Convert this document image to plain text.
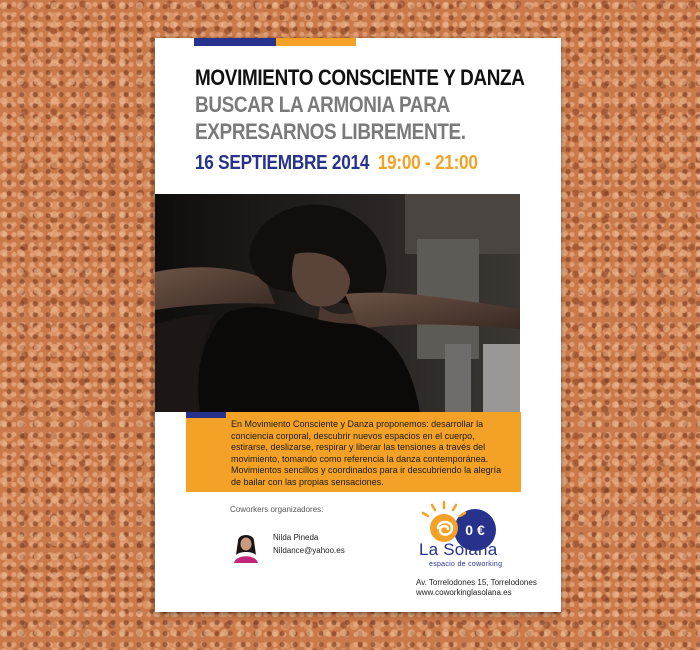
MOVIMIENTO CONSCIENTE Y DANZA
BUSCAR LA ARMONIA PARA
EXPRESARNOS LIBREMENTE.
16 SEPTIEMBRE 2014 19:00 - 21:00
0 €
En Movimiento Consciente y Danza proponemos: desarrollar la conciencia corporal, descubrir nuevos espacios en el cuerpo, estirarse, deslizarse, respirar y liberar las tensiones a través del movimiento, tomando como referencia la danza contemporánea. Movimientos sencillos y coordinados para ir descubriendo la alegría de bailar con las propias sensaciones.
Coworkers organizadores:
Nilda Pineda
Nildance@yahoo.es	La Solana
espacio de coworking
Av. Torrelodones 15, Torrelodones
www.coworkinglasolana.es
